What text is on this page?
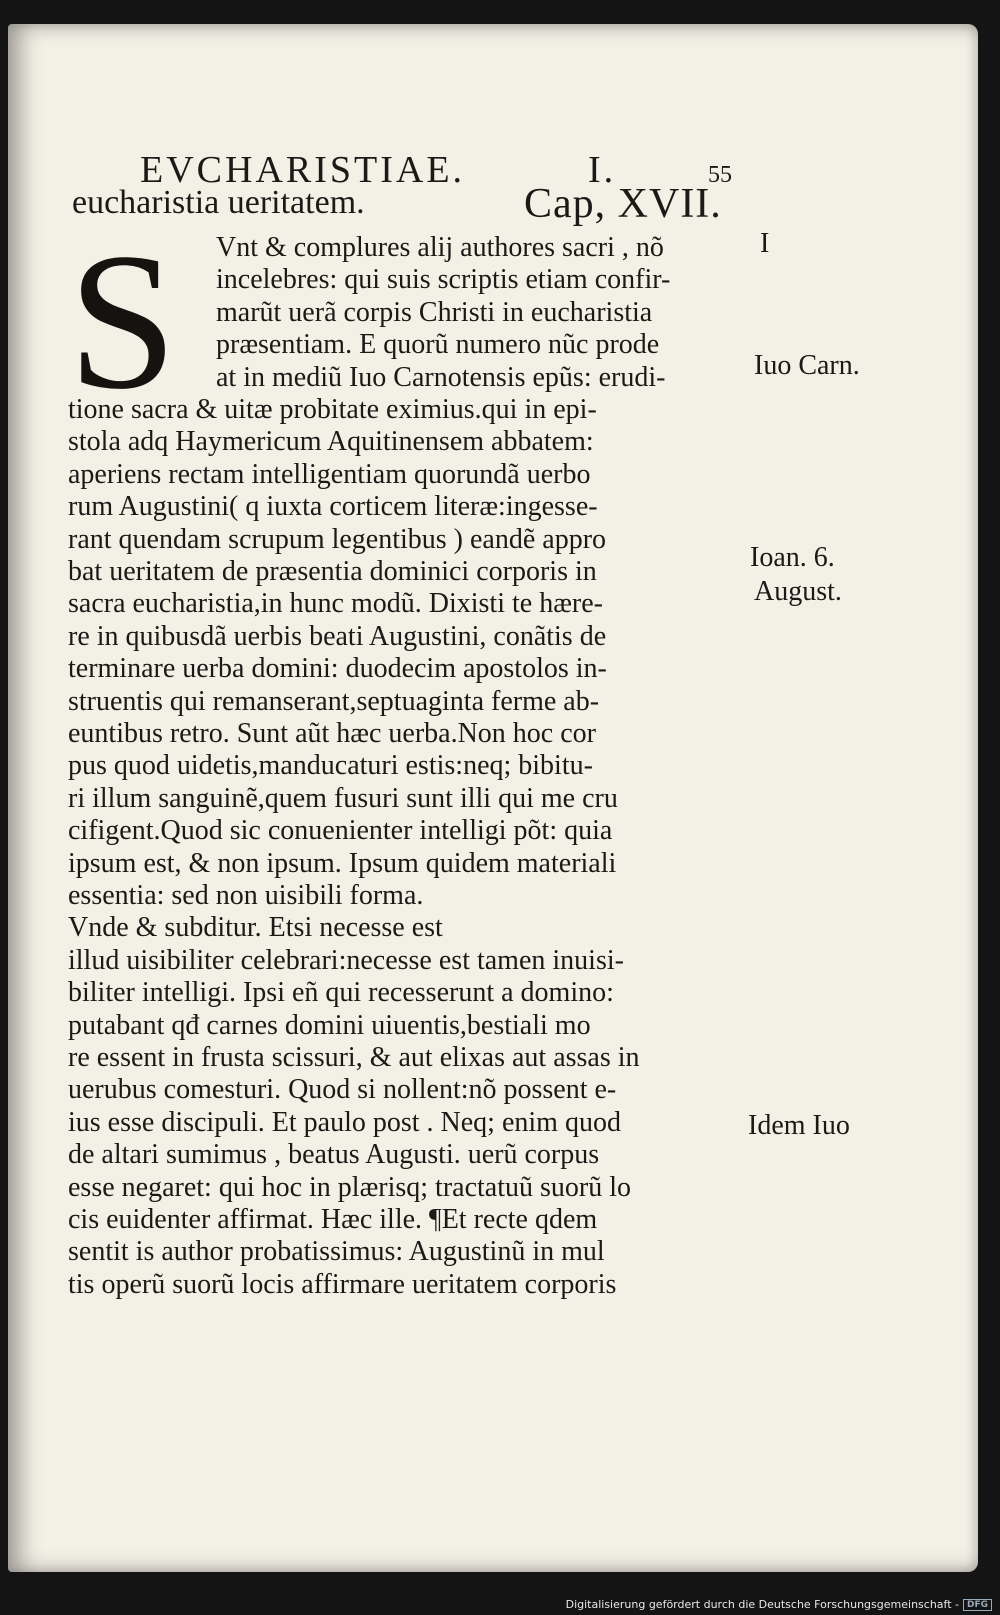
EVCHARISTIAE.	I.	55
eucharistia ueritatem.	Cap, XVII.
S Vnt & complures alij authores sacri , nõ
incelebres: qui suis scriptis etiam confir-
marũt uerã corpis Christi in eucharistia
præsentiam. E quorũ numero nũc prode
at in mediũ Iuo Carnotensis epũs: erudi-
tione sacra & uitæ probitate eximius.qui in epi-
stola adq Haymericum Aquitinensem abbatem:
aperiens rectam intelligentiam quorundã uerbo
rum Augustini( q iuxta corticem literæ:ingesse-
rant quendam scrupum legentibus ) eandẽ appro
bat ueritatem de præsentia dominici corporis in
sacra eucharistia,in hunc modũ. Dixisti te hære-
re in quibusdã uerbis beati Augustini, conãtis de
terminare uerba domini: duodecim apostolos in-
struentis qui remanserant,septuaginta ferme ab-
euntibus retro. Sunt aũt hæc uerba.Non hoc cor
pus quod uidetis,manducaturi estis:neq; bibitu-
ri illum sanguinẽ,quem fusuri sunt illi qui me cru
cifigent.Quod sic conuenienter intelligi põt: quia
ipsum est, & non ipsum. Ipsum quidem materiali
essentia: sed non uisibili forma.
Vnde & subditur. Etsi necesse est
illud uisibiliter celebrari:necesse est tamen inuisi-
biliter intelligi. Ipsi eñ qui recesserunt a domino:
putabant qđ carnes domini uiuentis,bestiali mo
re essent in frusta scissuri, & aut elixas aut assas in
uerubus comesturi. Quod si nollent:nõ possent e-
ius esse discipuli. Et paulo post . Neq; enim quod
de altari sumimus , beatus Augusti. uerũ corpus
esse negaret: qui hoc in plærisq; tractatuũ suorũ lo
cis euidenter affirmat. Hæc ille. ¶Et recte qdem
sentit is author probatissimus: Augustinũ in mul
tis operũ suorũ locis affirmare ueritatem corporis
I
Iuo Carn.
Ioan. 6.
August.
Idem Iuo
Digitalisierung gefördert durch die Deutsche Forschungsgemeinschaft - DFG
